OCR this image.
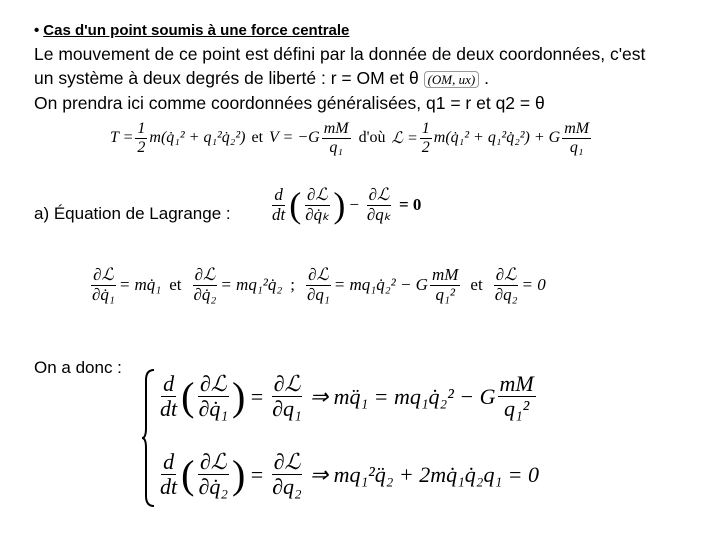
• Cas d'un point soumis à une force centrale
Le mouvement de ce point est défini par la donnée de deux coordonnées, c'est
un système à deux degrés de liberté : r = OM et θ (OM, ux) .
On prendra ici comme coordonnées généralisées, q1 = r et q2 = θ
$T = \frac{1}{2}$ m(q̇₁² + q₁²q̇₂²) et $V = -G \frac{mM}{\text{q₁}}$ d'où ℒ = $\frac{1}{2}$ m(q̇₁² + q₁²q̇₂²) + G $\frac{mM}{\text{q₁}}$
a) Équation de Lagrange : $\frac{d}{dt}$ ( $\frac{\text{∂ℒ}}{\text{∂q̇ₖ}}$ ) − $\frac{\text{∂ℒ}}{\text{∂qₖ}} = 0$
$\frac{\text{∂ℒ}}{\text{∂q̇₁}}$ = mq̇₁ et $\frac{\text{∂ℒ}}{\text{∂q̇₂}}$ = mq₁²q̇₂ ; $\frac{\text{∂ℒ}}{\text{∂q₁}}$ = mq₁q̇₂² − G $\frac{mM}{\text{q₁²}}$ et $\frac{\text{∂ℒ}}{\text{∂q₂}} = 0$
On a donc :
$\frac{d}{dt}$ ( $\frac{\text{∂ℒ}}{\text{∂q̇₁}}$ ) = $\frac{\text{∂ℒ}}{\text{∂q₁}}$ ⇒ mq̈₁ = mq₁q̇₂² − G $\frac{mM}{\text{q₁²}}$
$\frac{d}{dt}$ ( $\frac{\text{∂ℒ}}{\text{∂q̇₂}}$ ) = $\frac{\text{∂ℒ}}{\text{∂q₂}}$ ⇒ mq₁²q̈₂ + 2mq̇₁q̇₂q₁ = 0
